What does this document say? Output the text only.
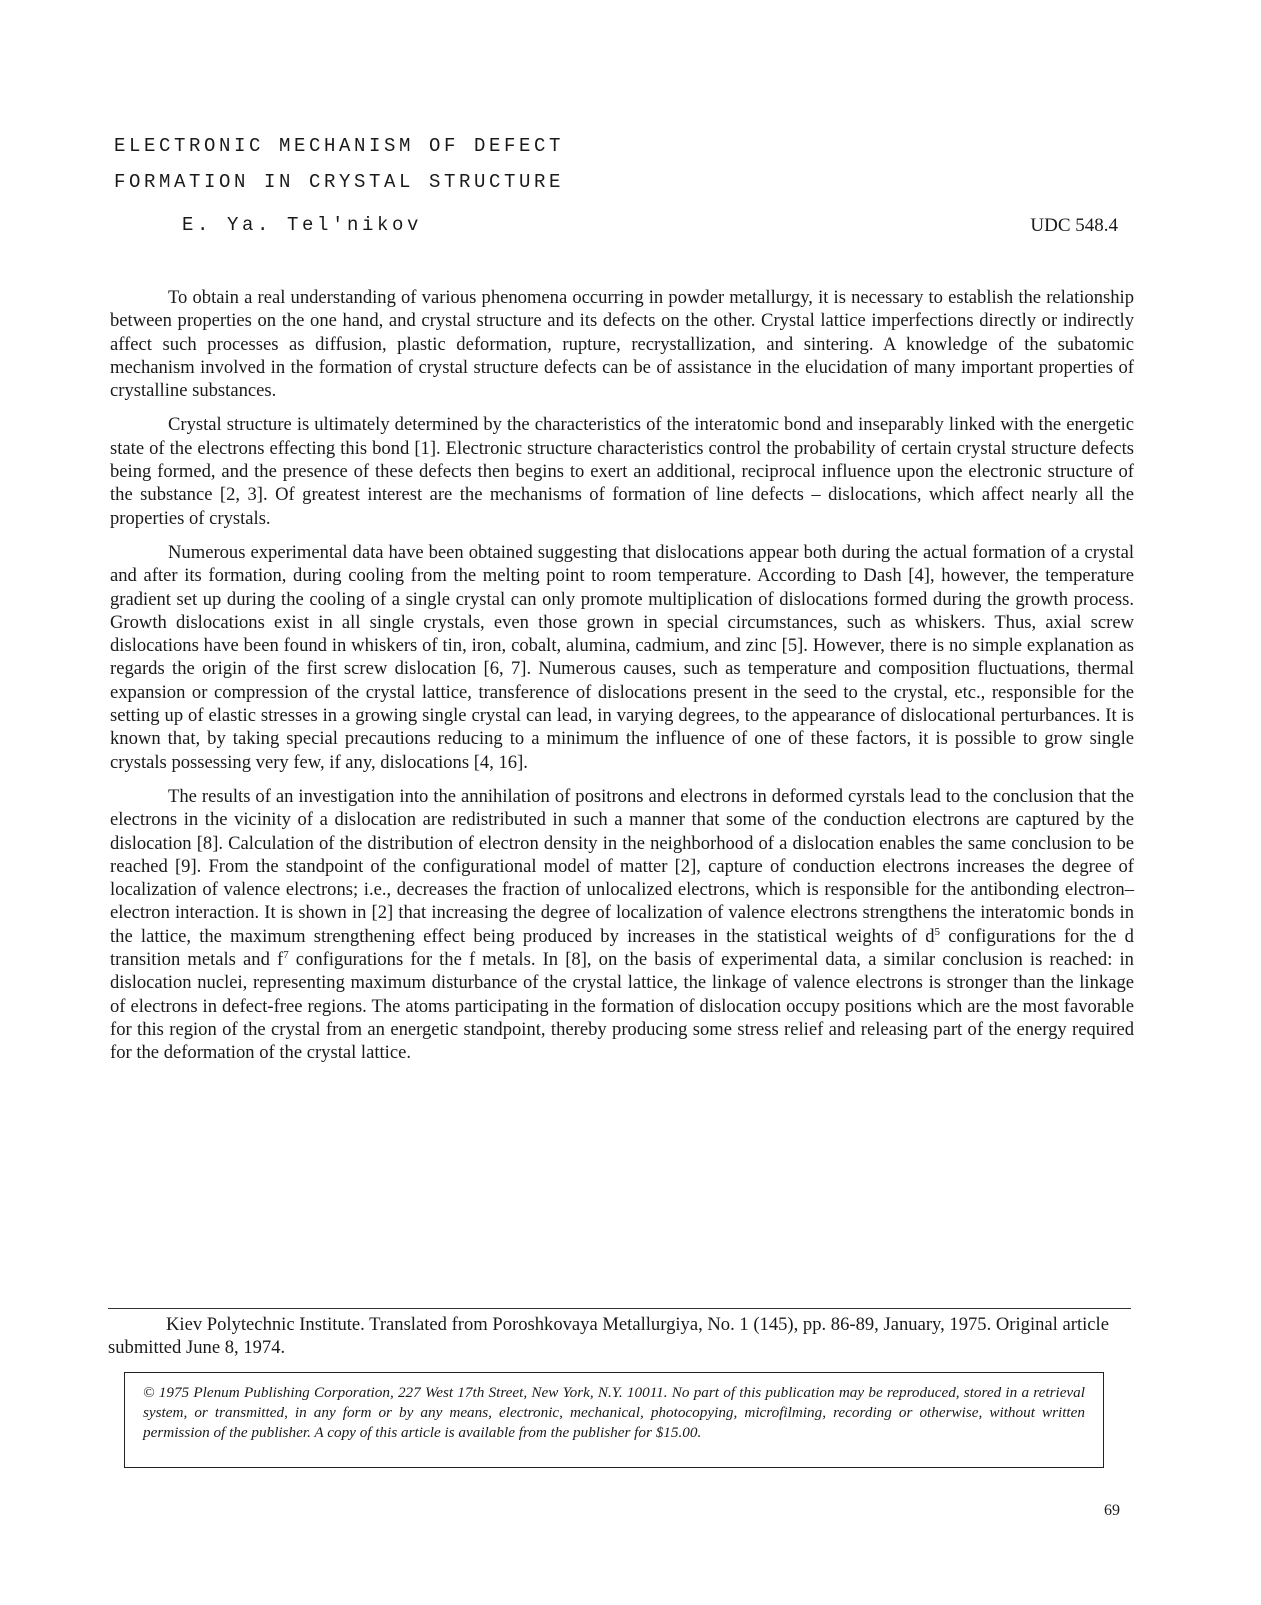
ELECTRONIC MECHANISM OF DEFECT
FORMATION IN CRYSTAL STRUCTURE
E. Ya. Tel'nikov	UDC 548.4

To obtain a real understanding of various phenomena occurring in powder metallurgy, it is necessary to establish the relationship between properties on the one hand, and crystal structure and its defects on the other. Crystal lattice imperfections directly or indirectly affect such processes as diffusion, plastic deformation, rupture, recrystallization, and sintering. A knowledge of the subatomic mechanism involved in the formation of crystal structure defects can be of assistance in the elucidation of many important properties of crystalline substances.

Crystal structure is ultimately determined by the characteristics of the interatomic bond and inseparably linked with the energetic state of the electrons effecting this bond [1]. Electronic structure characteristics control the probability of certain crystal structure defects being formed, and the presence of these defects then begins to exert an additional, reciprocal influence upon the electronic structure of the substance [2, 3]. Of greatest interest are the mechanisms of formation of line defects – dislocations, which affect nearly all the properties of crystals.

Numerous experimental data have been obtained suggesting that dislocations appear both during the actual formation of a crystal and after its formation, during cooling from the melting point to room temperature. According to Dash [4], however, the temperature gradient set up during the cooling of a single crystal can only promote multiplication of dislocations formed during the growth process. Growth dislocations exist in all single crystals, even those grown in special circumstances, such as whiskers. Thus, axial screw dislocations have been found in whiskers of tin, iron, cobalt, alumina, cadmium, and zinc [5]. However, there is no simple explanation as regards the origin of the first screw dislocation [6, 7]. Numerous causes, such as temperature and composition fluctuations, thermal expansion or compression of the crystal lattice, transference of dislocations present in the seed to the crystal, etc., responsible for the setting up of elastic stresses in a growing single crystal can lead, in varying degrees, to the appearance of dislocational perturbances. It is known that, by taking special precautions reducing to a minimum the influence of one of these factors, it is possible to grow single crystals possessing very few, if any, dislocations [4, 16].

The results of an investigation into the annihilation of positrons and electrons in deformed cyrstals lead to the conclusion that the electrons in the vicinity of a dislocation are redistributed in such a manner that some of the conduction electrons are captured by the dislocation [8]. Calculation of the distribution of electron density in the neighborhood of a dislocation enables the same conclusion to be reached [9]. From the standpoint of the configurational model of matter [2], capture of conduction electrons increases the degree of localization of valence electrons; i.e., decreases the fraction of unlocalized electrons, which is responsible for the antibonding electron–electron interaction. It is shown in [2] that increasing the degree of localization of valence electrons strengthens the interatomic bonds in the lattice, the maximum strengthening effect being produced by increases in the statistical weights of $d^5$ configurations for the d transition metals and $f^7$ configurations for the f metals. In [8], on the basis of experimental data, a similar conclusion is reached: in dislocation nuclei, representing maximum disturbance of the crystal lattice, the linkage of valence electrons is stronger than the linkage of electrons in defect-free regions. The atoms participating in the formation of dislocation occupy positions which are the most favorable for this region of the crystal from an energetic standpoint, thereby producing some stress relief and releasing part of the energy required for the deformation of the crystal lattice.

Kiev Polytechnic Institute. Translated from Poroshkovaya Metallurgiya, No. 1 (145), pp. 86-89, January, 1975. Original article submitted June 8, 1974.

© 1975 Plenum Publishing Corporation, 227 West 17th Street, New York, N.Y. 10011. No part of this publication may be reproduced, stored in a retrieval system, or transmitted, in any form or by any means, electronic, mechanical, photocopying, microfilming, recording or otherwise, without written permission of the publisher. A copy of this article is available from the publisher for $15.00.
69
